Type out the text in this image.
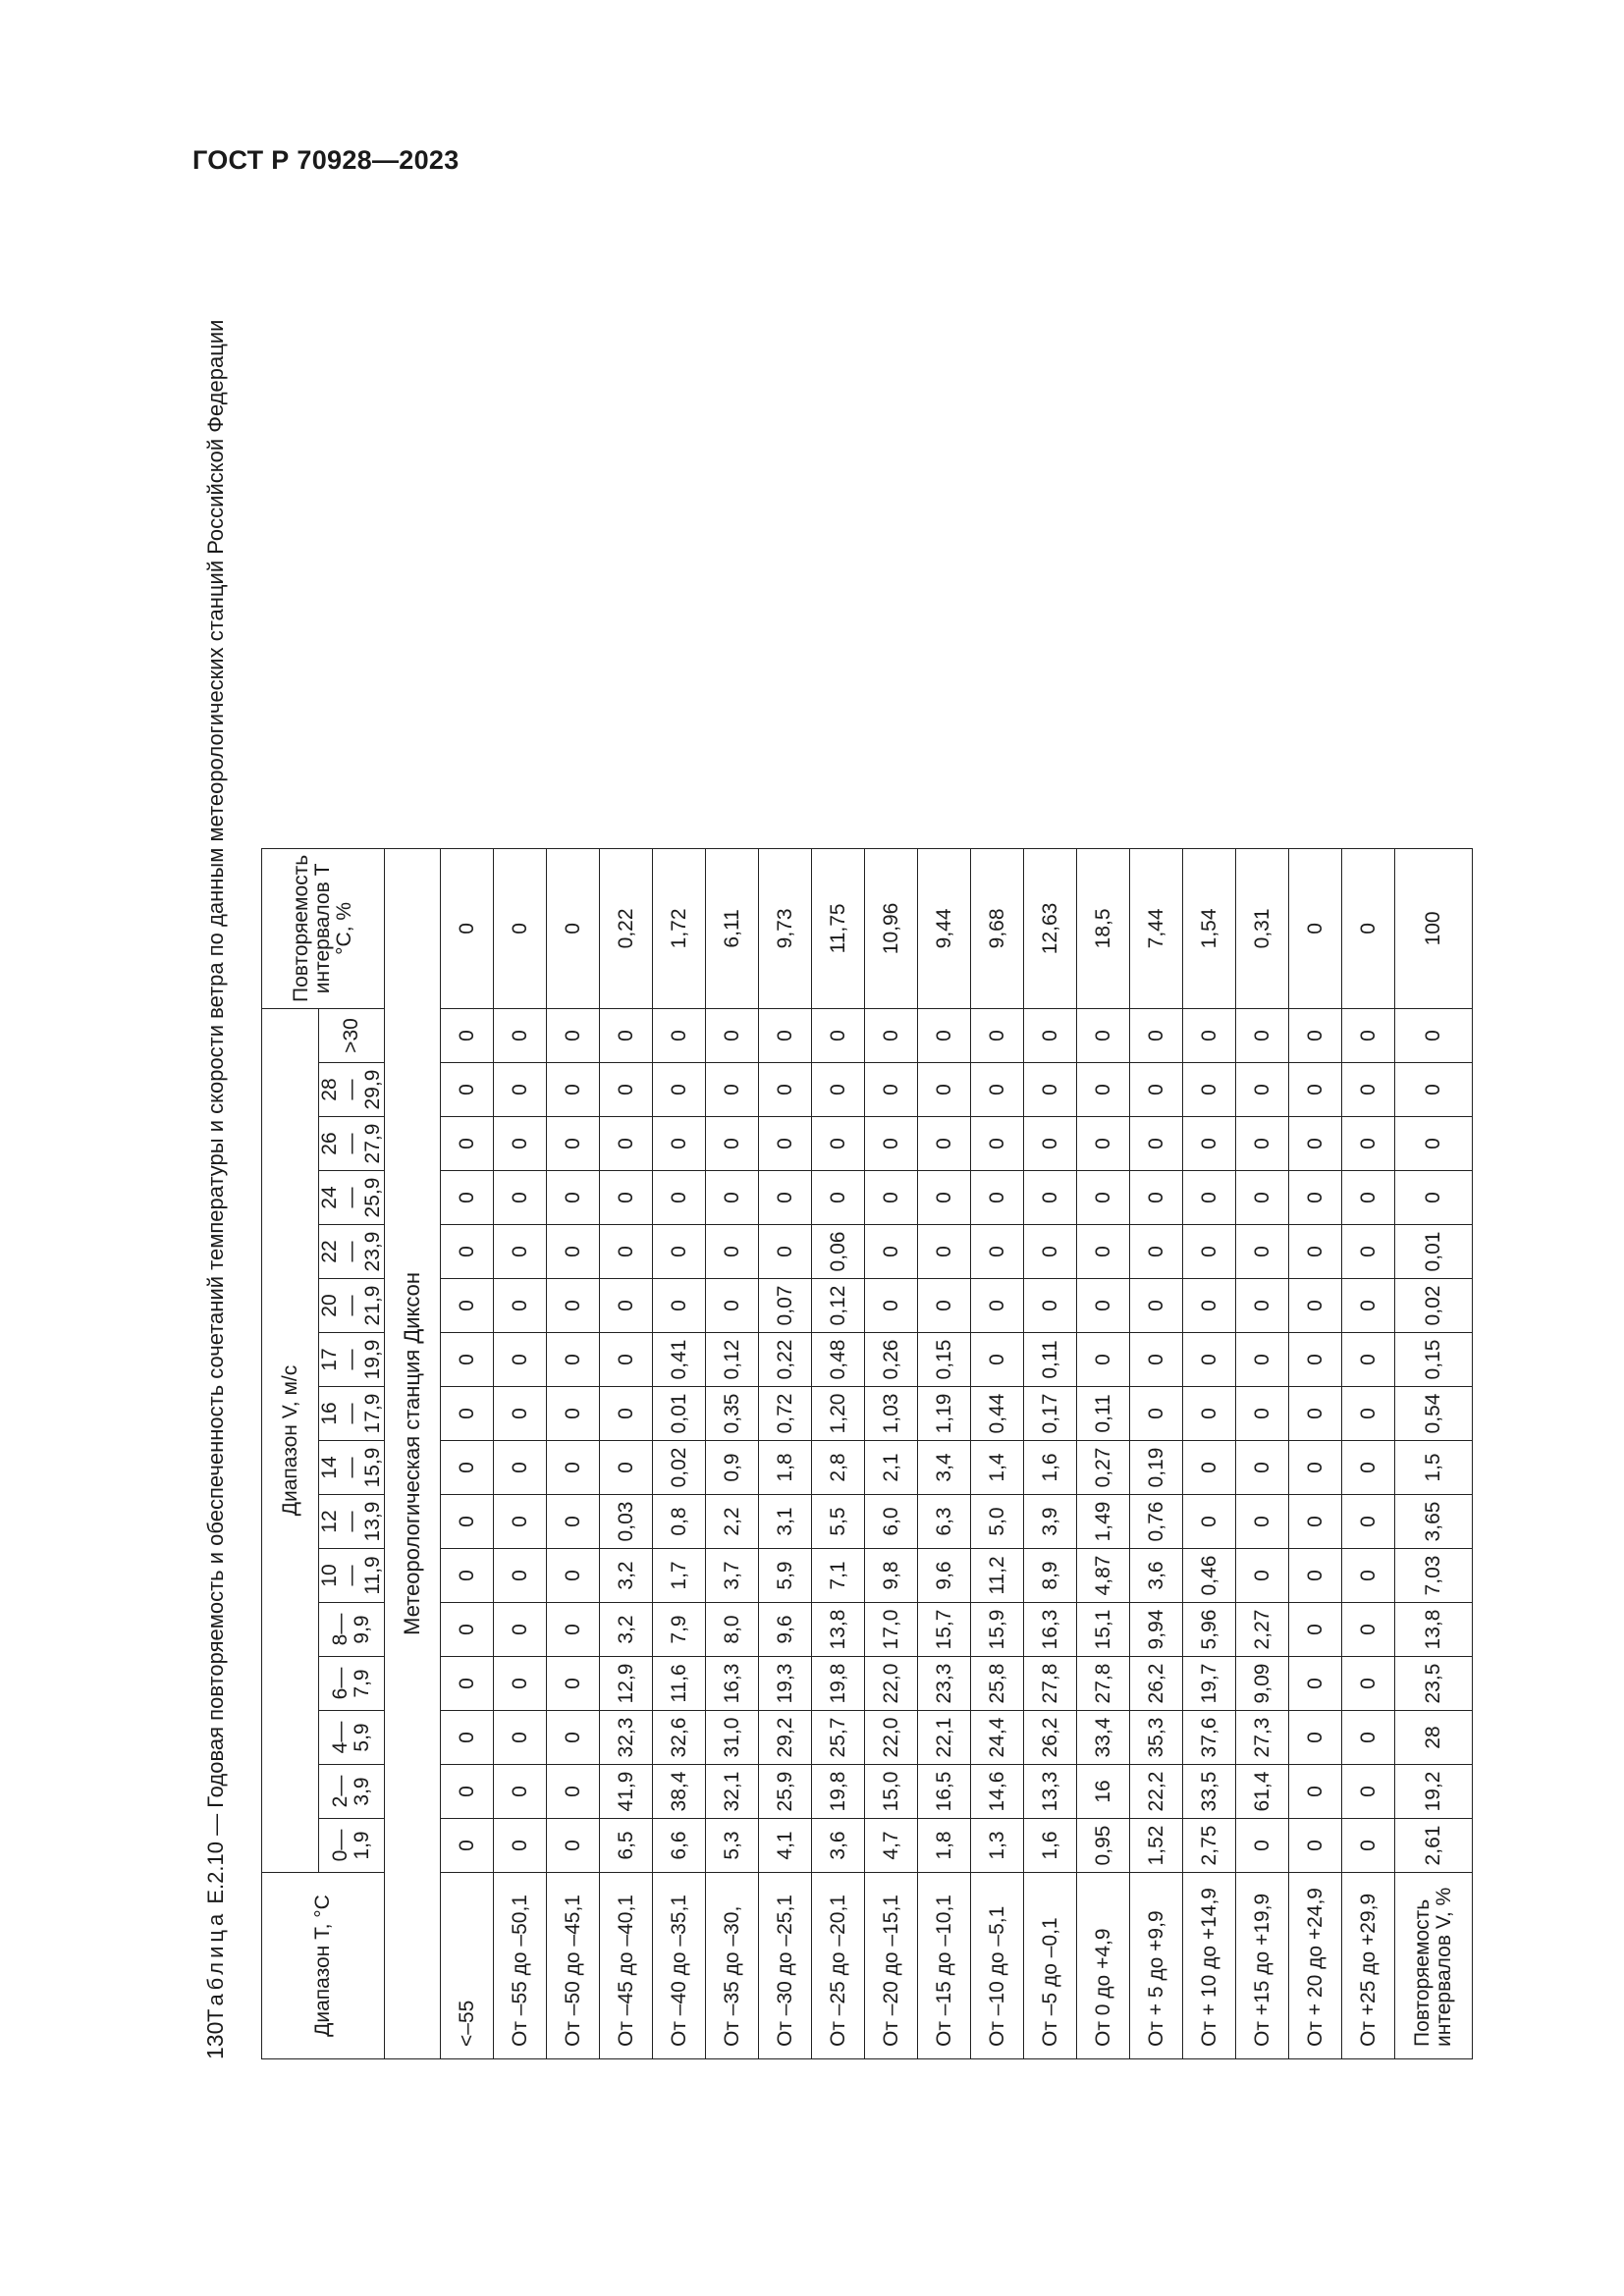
ГОСТ Р 70928—2023
130
Таблица Е.2.10 — Годовая повторяемость и обеспеченность сочетаний температуры и скорости ветра по данным метеорологических станций Российской Федерации
Диапазон T, °C	Диапазон V, м/с																Повторяемость интервалов T °C, %
	0—1,9	2—3,9	4—5,9	6—7,9	8—9,9	10—11,9	12—13,9	14—15,9	16—17,9	17—19,9	20—21,9	22—23,9	24—25,9	26—27,9	28—29,9	>30	
Метеорологическая станция Диксон																	
<–55	0	0	0	0	0	0	0	0	0	0	0	0	0	0	0	0	0
От –55 до –50,1	0	0	0	0	0	0	0	0	0	0	0	0	0	0	0	0	0
От –50 до –45,1	0	0	0	0	0	0	0	0	0	0	0	0	0	0	0	0	0
От –45 до –40,1	6,5	41,9	32,3	12,9	3,2	3,2	0,03	0	0	0	0	0	0	0	0	0	0,22
От –40 до –35,1	6,6	38,4	32,6	11,6	7,9	1,7	0,8	0,02	0,01	0,41	0	0	0	0	0	0	1,72
От –35 до –30,	5,3	32,1	31,0	16,3	8,0	3,7	2,2	0,9	0,35	0,12	0	0	0	0	0	0	6,11
От –30 до –25,1	4,1	25,9	29,2	19,3	9,6	5,9	3,1	1,8	0,72	0,22	0,07	0	0	0	0	0	9,73
От –25 до –20,1	3,6	19,8	25,7	19,8	13,8	7,1	5,5	2,8	1,20	0,48	0,12	0,06	0	0	0	0	11,75
От –20 до –15,1	4,7	15,0	22,0	22,0	17,0	9,8	6,0	2,1	1,03	0,26	0	0	0	0	0	0	10,96
От –15 до –10,1	1,8	16,5	22,1	23,3	15,7	9,6	6,3	3,4	1,19	0,15	0	0	0	0	0	0	9,44
От –10 до –5,1	1,3	14,6	24,4	25,8	15,9	11,2	5,0	1,4	0,44	0	0	0	0	0	0	0	9,68
От –5 до –0,1	1,6	13,3	26,2	27,8	16,3	8,9	3,9	1,6	0,17	0,11	0	0	0	0	0	0	12,63
От 0 до +4,9	0,95	16	33,4	27,8	15,1	4,87	1,49	0,27	0,11	0	0	0	0	0	0	0	18,5
От + 5 до +9,9	1,52	22,2	35,3	26,2	9,94	3,6	0,76	0,19	0	0	0	0	0	0	0	0	7,44
От + 10 до +14,9	2,75	33,5	37,6	19,7	5,96	0,46	0	0	0	0	0	0	0	0	0	0	1,54
От +15 до +19,9	0	61,4	27,3	9,09	2,27	0	0	0	0	0	0	0	0	0	0	0	0,31
От + 20 до +24,9	0	0	0	0	0	0	0	0	0	0	0	0	0	0	0	0	0
От +25 до +29,9	0	0	0	0	0	0	0	0	0	0	0	0	0	0	0	0	0
Повторяемость интервалов V, %	2,61	19,2	28	23,5	13,8	7,03	3,65	1,5	0,54	0,15	0,02	0,01	0	0	0	0	100
